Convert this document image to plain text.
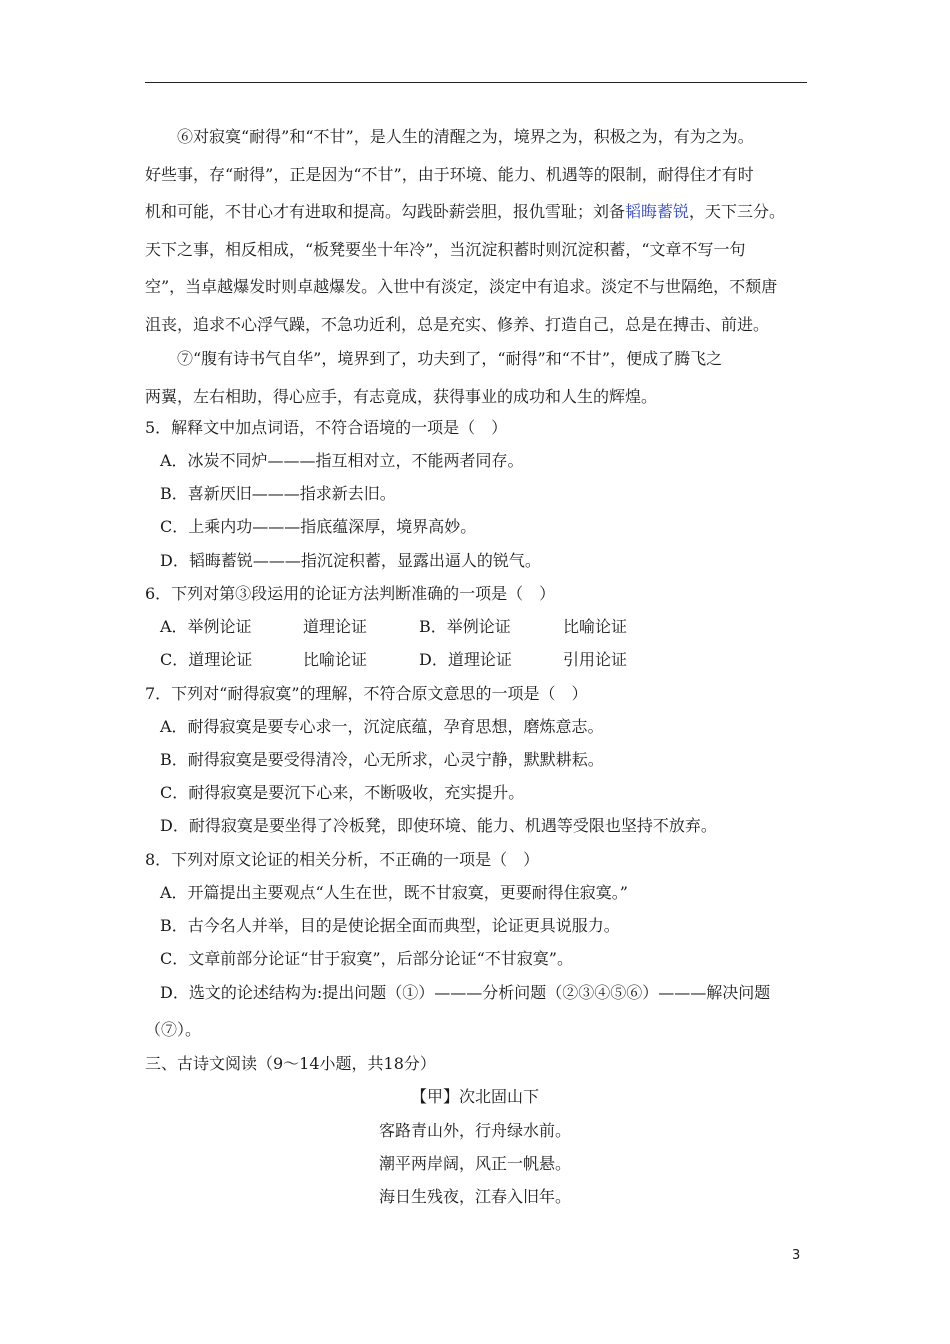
⑥对寂寞“耐得”和“不甘”，是人生的清醒之为，境界之为，积极之为，有为之为。

好些事，存“耐得”，正是因为“不甘”，由于环境、能力、机遇等的限制，耐得住才有时

机和可能，不甘心才有进取和提高。勾践卧薪尝胆，报仇雪耻；刘备韬晦蓄锐，天下三分。

天下之事，相反相成，“板凳要坐十年冷”，当沉淀积蓄时则沉淀积蓄，“文章不写一句

空”，当卓越爆发时则卓越爆发。入世中有淡定，淡定中有追求。淡定不与世隔绝，不颓唐

沮丧，追求不心浮气躁，不急功近利，总是充实、修养、打造自己，总是在搏击、前进。

⑦“腹有诗书气自华”，境界到了，功夫到了，“耐得”和“不甘”，便成了腾飞之

两翼，左右相助，得心应手，有志竟成，获得事业的成功和人生的辉煌。

5．解释文中加点词语，不符合语境的一项是（　）
A．冰炭不同炉———指互相对立，不能两者同存。
B．喜新厌旧———指求新去旧。
C．上乘内功———指底蕴深厚，境界高妙。
D．韬晦蓄锐———指沉淀积蓄，显露出逼人的锐气。
6．下列对第③段运用的论证方法判断准确的一项是（　）
A．举例论证	道理论证	B．举例论证	比喻论证
C．道理论证	比喻论证	D．道理论证	引用论证
7．下列对“耐得寂寞”的理解，不符合原文意思的一项是（　）
A．耐得寂寞是要专心求一，沉淀底蕴，孕育思想，磨炼意志。
B．耐得寂寞是要受得清冷，心无所求，心灵宁静，默默耕耘。
C．耐得寂寞是要沉下心来，不断吸收，充实提升。
D．耐得寂寞是要坐得了冷板凳，即使环境、能力、机遇等受限也坚持不放弃。
8．下列对原文论证的相关分析，不正确的一项是（　）
A．开篇提出主要观点“人生在世，既不甘寂寞，更要耐得住寂寞。”
B．古今名人并举，目的是使论据全面而典型，论证更具说服力。
C．文章前部分论证“甘于寂寞”，后部分论证“不甘寂寞”。
D．选文的论述结构为:提出问题（①）———分析问题（②③④⑤⑥）———解决问题
（⑦）。
三、古诗文阅读（9～14小题，共18分）
【甲】次北固山下
客路青山外，行舟绿水前。
潮平两岸阔，风正一帆悬。
海日生残夜，江春入旧年。
3
